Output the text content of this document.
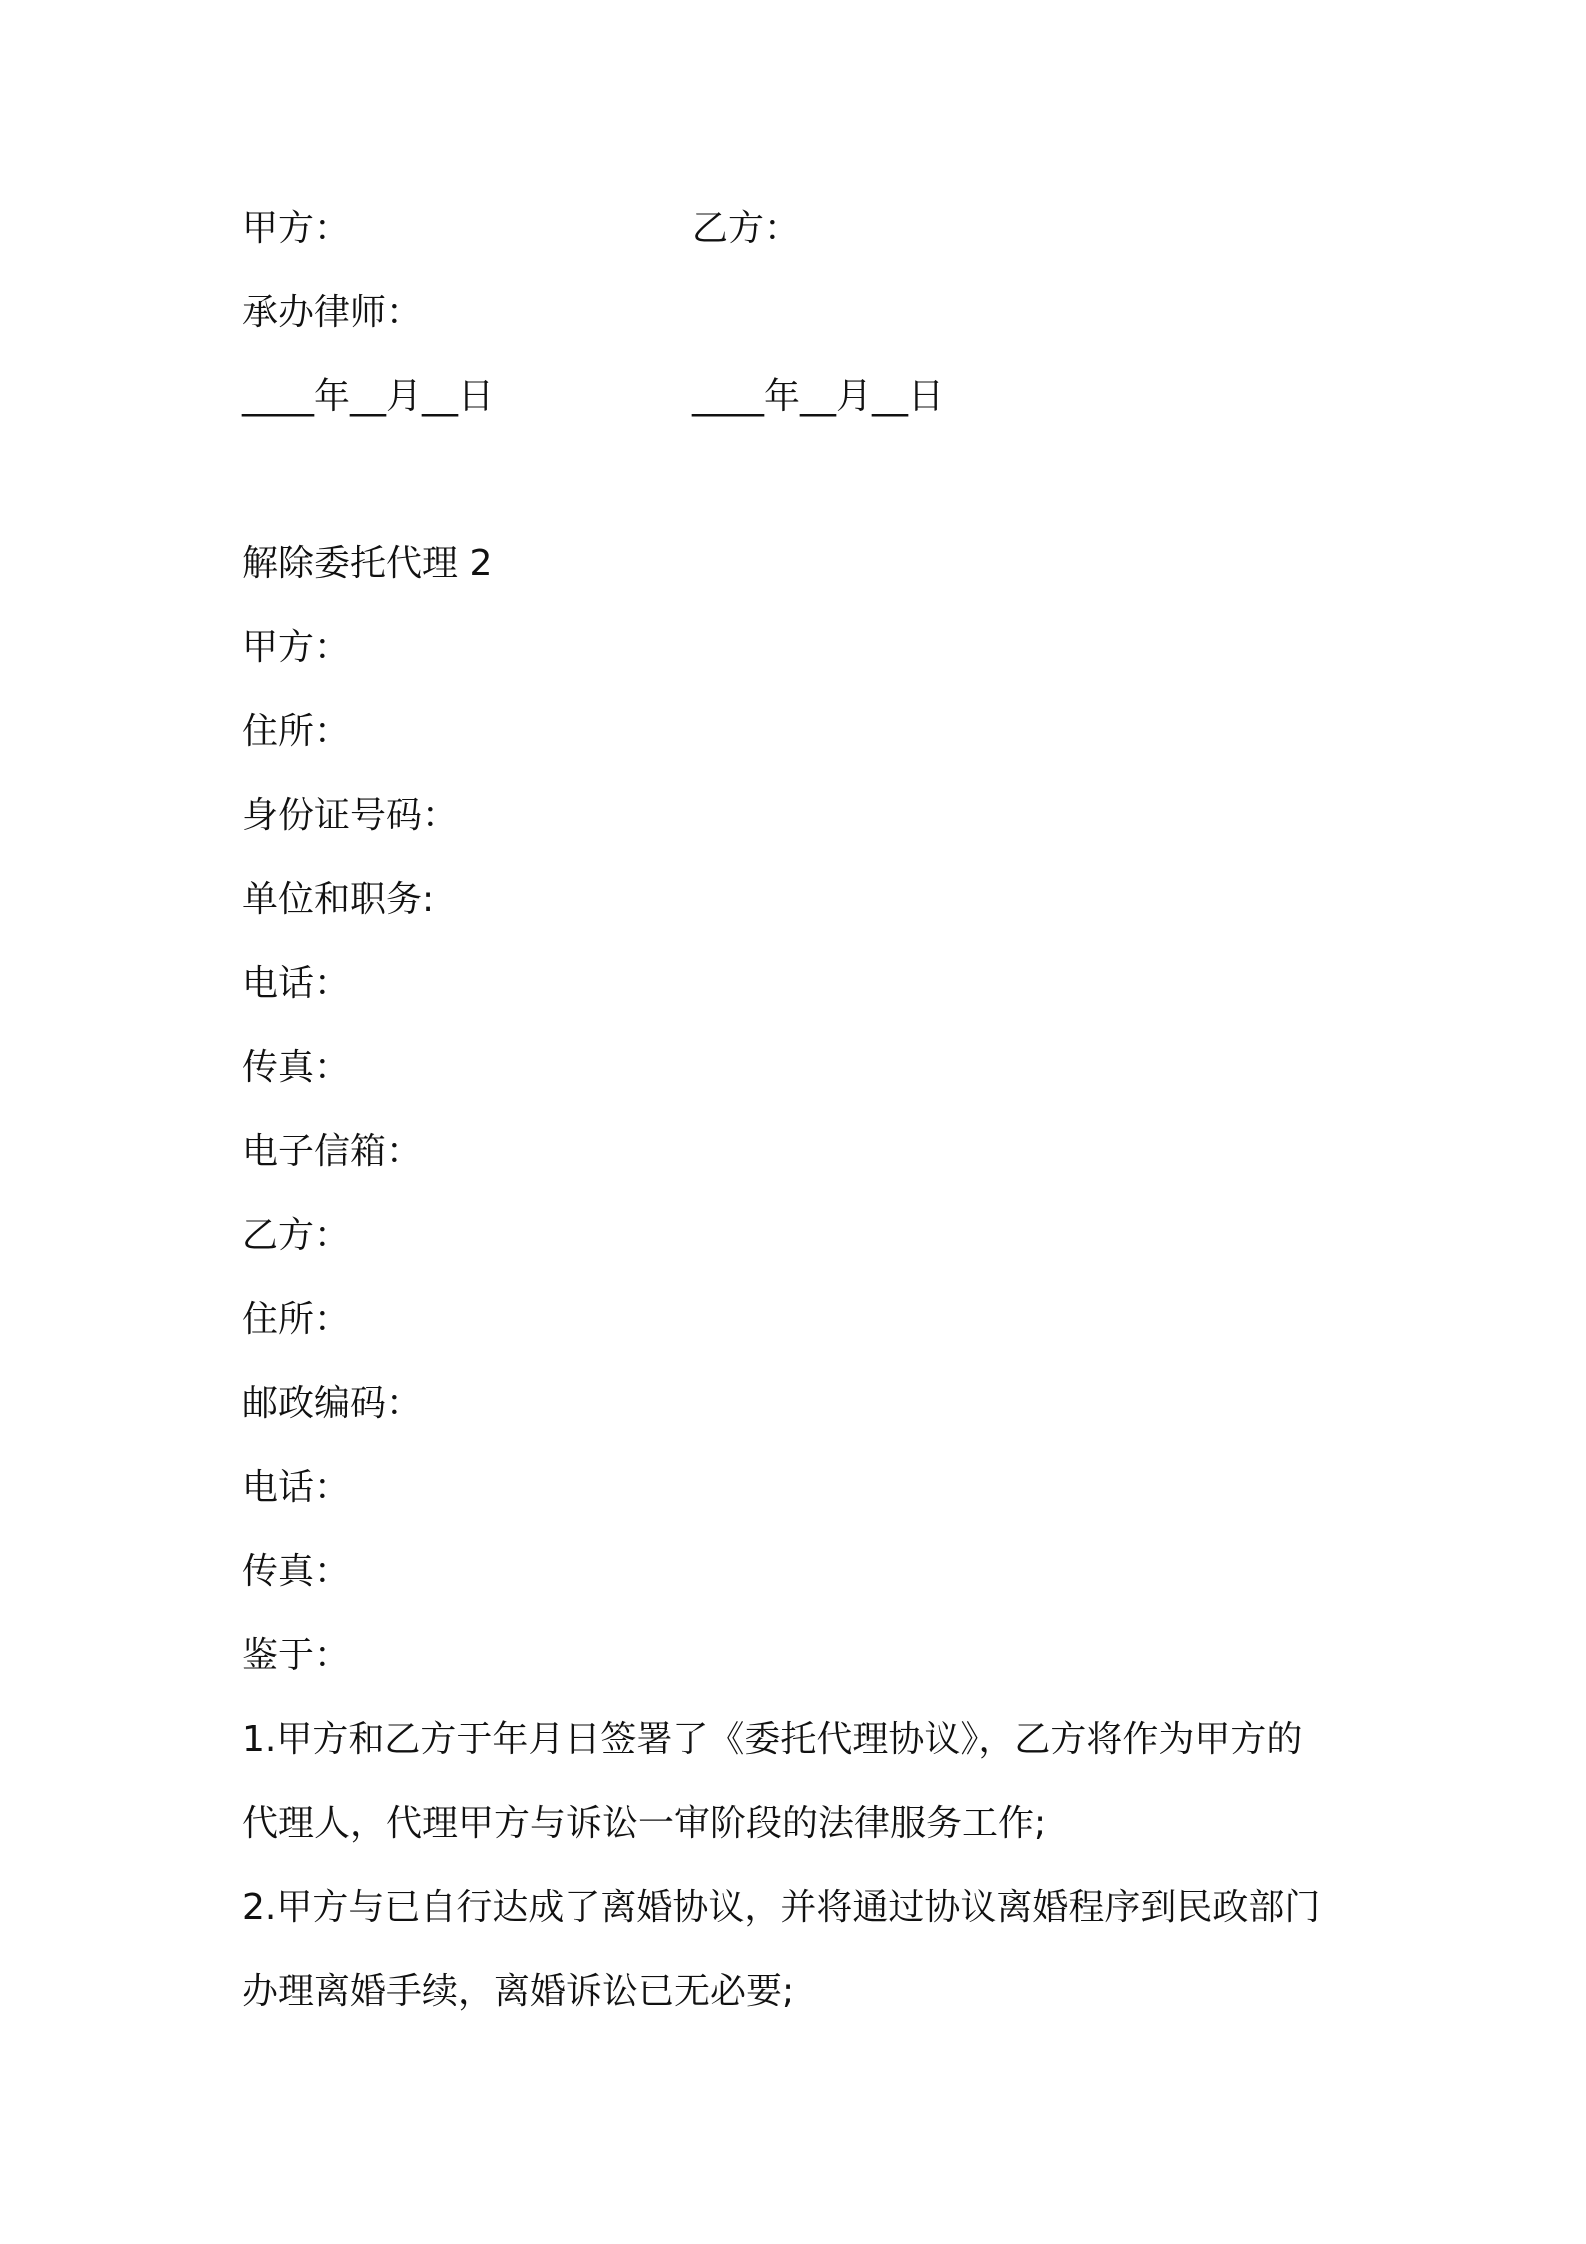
甲方：	乙方：
承办律师：
____年__月__日	____年__月__日
解除委托代理 2
甲方：
住所：
身份证号码：
单位和职务:
电话：
传真：
电子信箱：
乙方：
住所：
邮政编码：
电话：
传真：
鉴于：
1.甲方和乙方于年月日签署了《委托代理协议》，乙方将作为甲方的
代理人，代理甲方与诉讼一审阶段的法律服务工作;
2.甲方与已自行达成了离婚协议，并将通过协议离婚程序到民政部门
办理离婚手续，离婚诉讼已无必要;
